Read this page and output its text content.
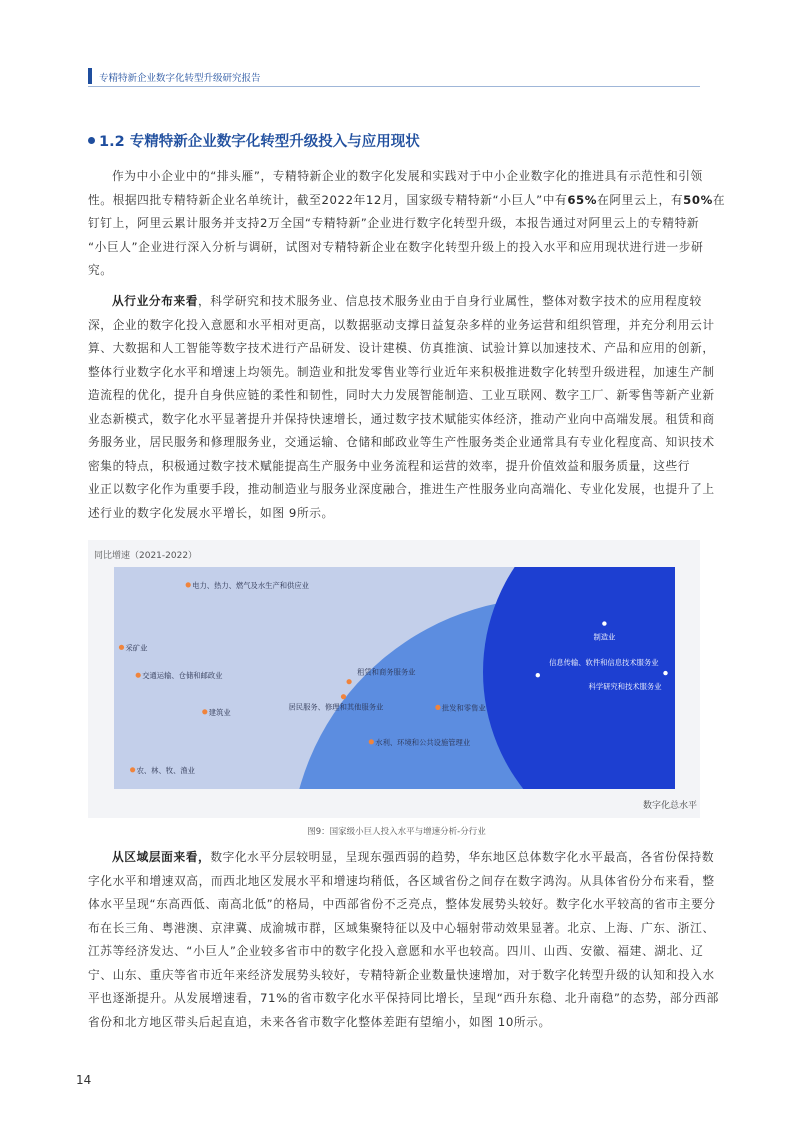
专精特新企业数字化转型升级研究报告
1.2 专精特新企业数字化转型升级投入与应用现状
作为中小企业中的“排头雁”，专精特新企业的数字化发展和实践对于中小企业数字化的推进具有示范性和引领
性。根据四批专精特新企业名单统计，截至2022年12月，国家级专精特新“小巨人”中有65%在阿里云上，有50%在
钉钉上，阿里云累计服务并支持2万全国“专精特新”企业进行数字化转型升级，本报告通过对阿里云上的专精特新
“小巨人”企业进行深入分析与调研，试图对专精特新企业在数字化转型升级上的投入水平和应用现状进行进一步研
究。
从行业分布来看，科学研究和技术服务业、信息技术服务业由于自身行业属性，整体对数字技术的应用程度较
深，企业的数字化投入意愿和水平相对更高，以数据驱动支撑日益复杂多样的业务运营和组织管理，并充分利用云计
算、大数据和人工智能等数字技术进行产品研发、设计建模、仿真推演、试验计算以加速技术、产品和应用的创新，
整体行业数字化水平和增速上均领先。制造业和批发零售业等行业近年来积极推进数字化转型升级进程，加速生产制
造流程的优化，提升自身供应链的柔性和韧性，同时大力发展智能制造、工业互联网、数字工厂、新零售等新产业新
业态新模式，数字化水平显著提升并保持快速增长，通过数字技术赋能实体经济，推动产业向中高端发展。租赁和商
务服务业，居民服务和修理服务业，交通运输、仓储和邮政业等生产性服务类企业通常具有专业化程度高、知识技术
密集的特点，积极通过数字技术赋能提高生产服务中业务流程和运营的效率，提升价值效益和服务质量，这些行
业正以数字化作为重要手段，推动制造业与服务业深度融合，推进生产性服务业向高端化、专业化发展，也提升了上
述行业的数字化发展水平增长，如图 9所示。
同比增速（2021-2022）
数字化总水平
电力、热力、燃气及水生产和供应业
采矿业
交通运输、仓储和邮政业
建筑业
农、林、牧、渔业
租赁和商务服务业
居民服务、修理和其他服务业	批发和零售业
水利、环境和公共设施管理业
制造业
信息传输、软件和信息技术服务业
科学研究和技术服务业
图9：国家级小巨人投入水平与增速分析-分行业
从区域层面来看，数字化水平分层较明显，呈现东强西弱的趋势，华东地区总体数字化水平最高，各省份保持数
字化水平和增速双高，而西北地区发展水平和增速均稍低，各区域省份之间存在数字鸿沟。从具体省份分布来看，整
体水平呈现“东高西低、南高北低”的格局，中西部省份不乏亮点，整体发展势头较好。数字化水平较高的省市主要分
布在长三角、粤港澳、京津冀、成渝城市群，区域集聚特征以及中心辐射带动效果显著。北京、上海、广东、浙江、
江苏等经济发达、“小巨人”企业较多省市中的数字化投入意愿和水平也较高。四川、山西、安徽、福建、湖北、辽
宁、山东、重庆等省市近年来经济发展势头较好，专精特新企业数量快速增加，对于数字化转型升级的认知和投入水
平也逐渐提升。从发展增速看，71%的省市数字化水平保持同比增长，呈现“西升东稳、北升南稳”的态势，部分西部
省份和北方地区带头后起直追，未来各省市数字化整体差距有望缩小，如图 10所示。
14
